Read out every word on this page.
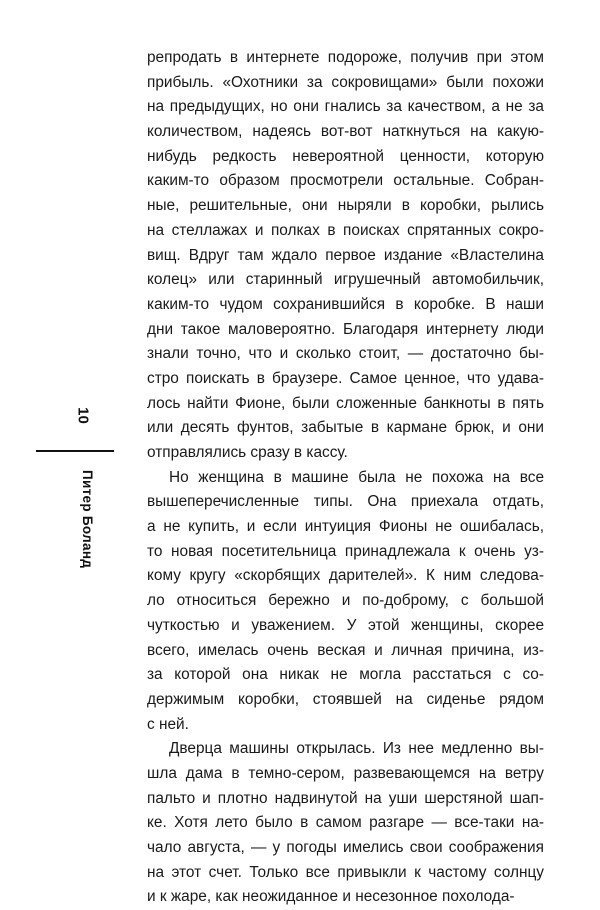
10
Питер Боланд
репродать в интернете подороже, получив при этом
прибыль. «Охотники за сокровищами» были похожи
на предыдущих, но они гнались за качеством, а не за
количеством, надеясь вот-вот наткнуться на какую-
нибудь редкость невероятной ценности, которую
каким-то образом просмотрели остальные. Собран-
ные, решительные, они ныряли в коробки, рылись
на стеллажах и полках в поисках спрятанных сокро-
вищ. Вдруг там ждало первое издание «Властелина
колец» или старинный игрушечный автомобильчик,
каким-то чудом сохранившийся в коробке. В наши
дни такое маловероятно. Благодаря интернету люди
знали точно, что и сколько стоит, — достаточно бы-
стро поискать в браузере. Самое ценное, что удава-
лось найти Фионе, были сложенные банкноты в пять
или десять фунтов, забытые в кармане брюк, и они
отправлялись сразу в кассу.
Но женщина в машине была не похожа на все
вышеперечисленные типы. Она приехала отдать,
а не купить, и если интуиция Фионы не ошибалась,
то новая посетительница принадлежала к очень уз-
кому кругу «скорбящих дарителей». К ним следова-
ло относиться бережно и по-доброму, с большой
чуткостью и уважением. У этой женщины, скорее
всего, имелась очень веская и личная причина, из-
за которой она никак не могла расстаться с со-
держимым коробки, стоявшей на сиденье рядом
с ней.
Дверца машины открылась. Из нее медленно вы-
шла дама в темно-сером, развевающемся на ветру
пальто и плотно надвинутой на уши шерстяной шап-
ке. Хотя лето было в самом разгаре — все-таки на-
чало августа, — у погоды имелись свои соображения
на этот счет. Только все привыкли к частому солнцу
и к жаре, как неожиданное и несезонное похолода-
